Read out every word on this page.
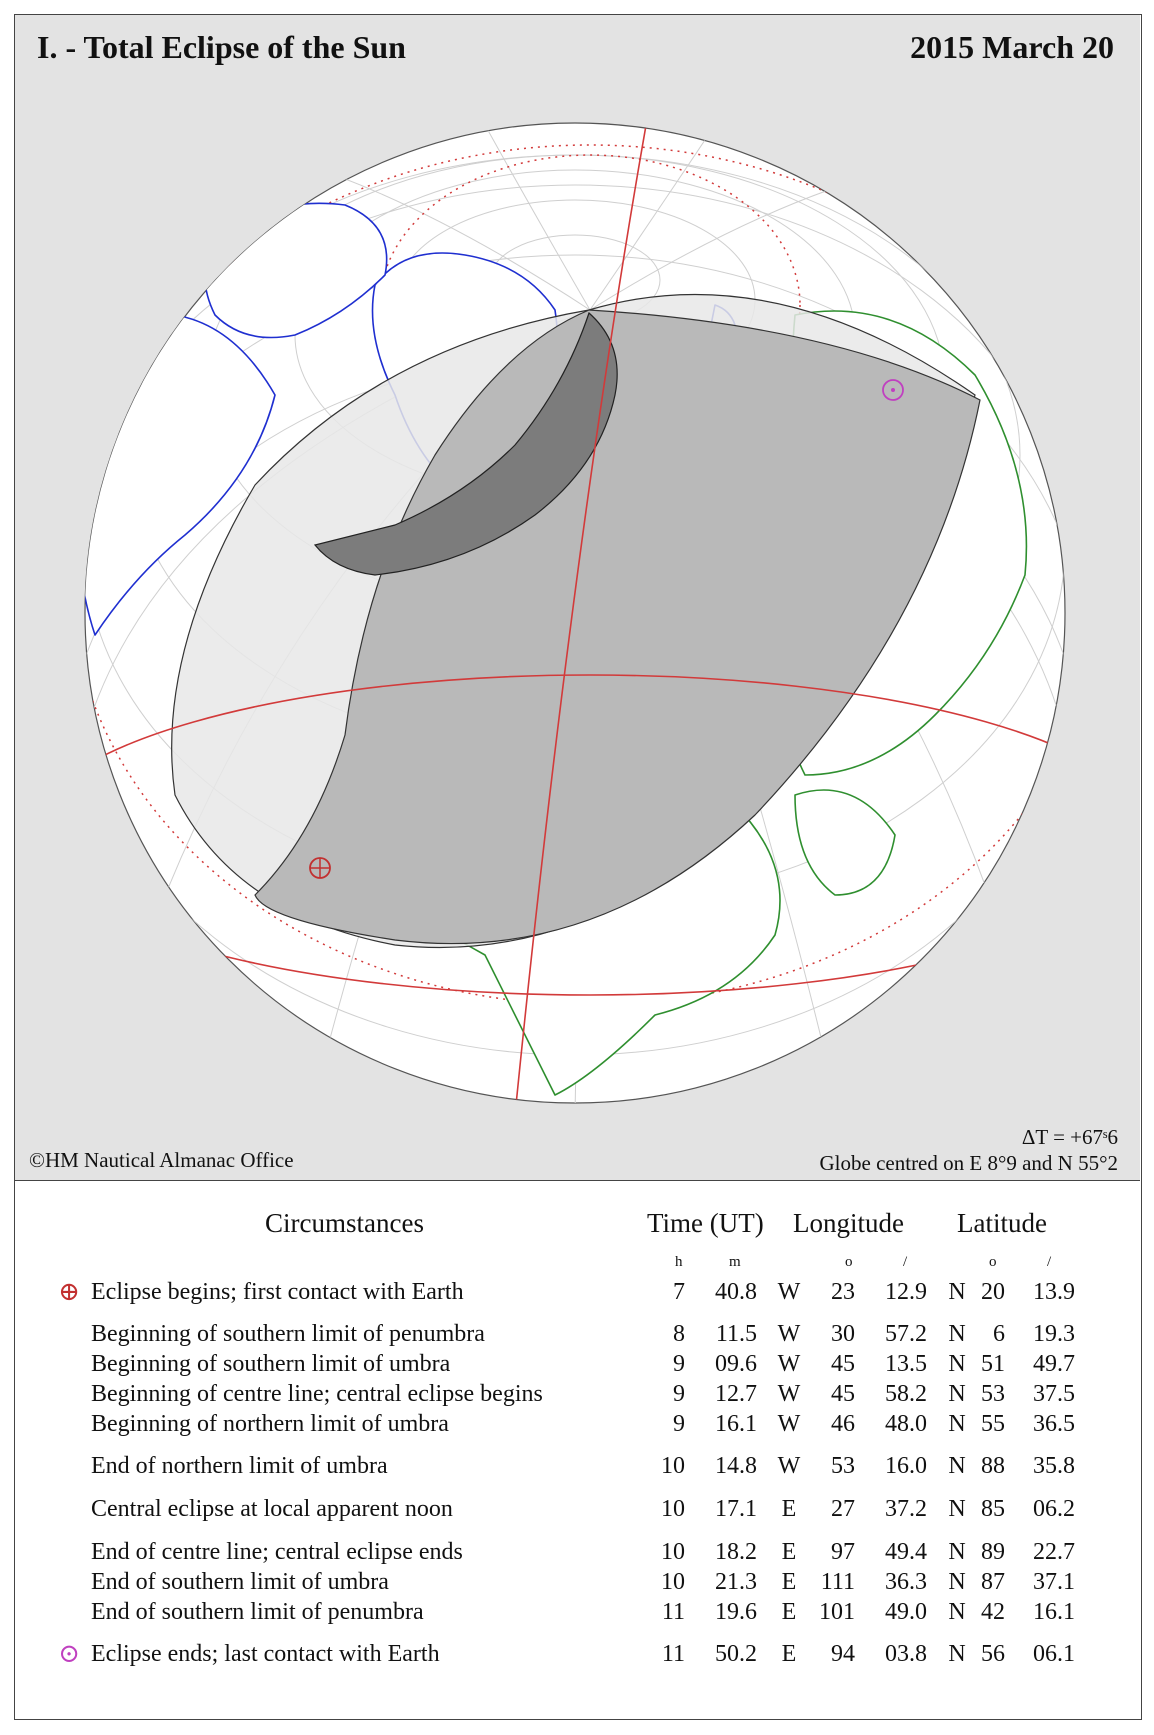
I. - Total Eclipse of the Sun	2015 March 20
©HM Nautical Almanac Office
ΔT = +67ˢ6
Globe centred on E 8°9 and N 55°2
Circumstances	Time (UT) Longitude Latitude
h	m	o	/	o	/
⊕ Eclipse begins; first contact with Earth	7	40.8 W	23	12.9 N 20	13.9
Beginning of southern limit of penumbra	8	11.5 W	30	57.2 N	6	19.3
Beginning of southern limit of umbra	9	09.6 W	45	13.5 N 51	49.7
Beginning of centre line; central eclipse begins	9	12.7 W	45	58.2 N 53	37.5
Beginning of northern limit of umbra	9	16.1 W	46	48.0 N 55	36.5
End of northern limit of umbra	10	14.8 W	53	16.0 N 88	35.8
Central eclipse at local apparent noon	10	17.1 E	27	37.2 N 85	06.2
End of centre line; central eclipse ends	10	18.2 E	97	49.4 N 89	22.7
End of southern limit of umbra	10	21.3 E	111	36.3 N 87	37.1
End of southern limit of penumbra	11	19.6 E 101	49.0 N 42	16.1
⊙ Eclipse ends; last contact with Earth	11	50.2 E	94	03.8 N 56	06.1
